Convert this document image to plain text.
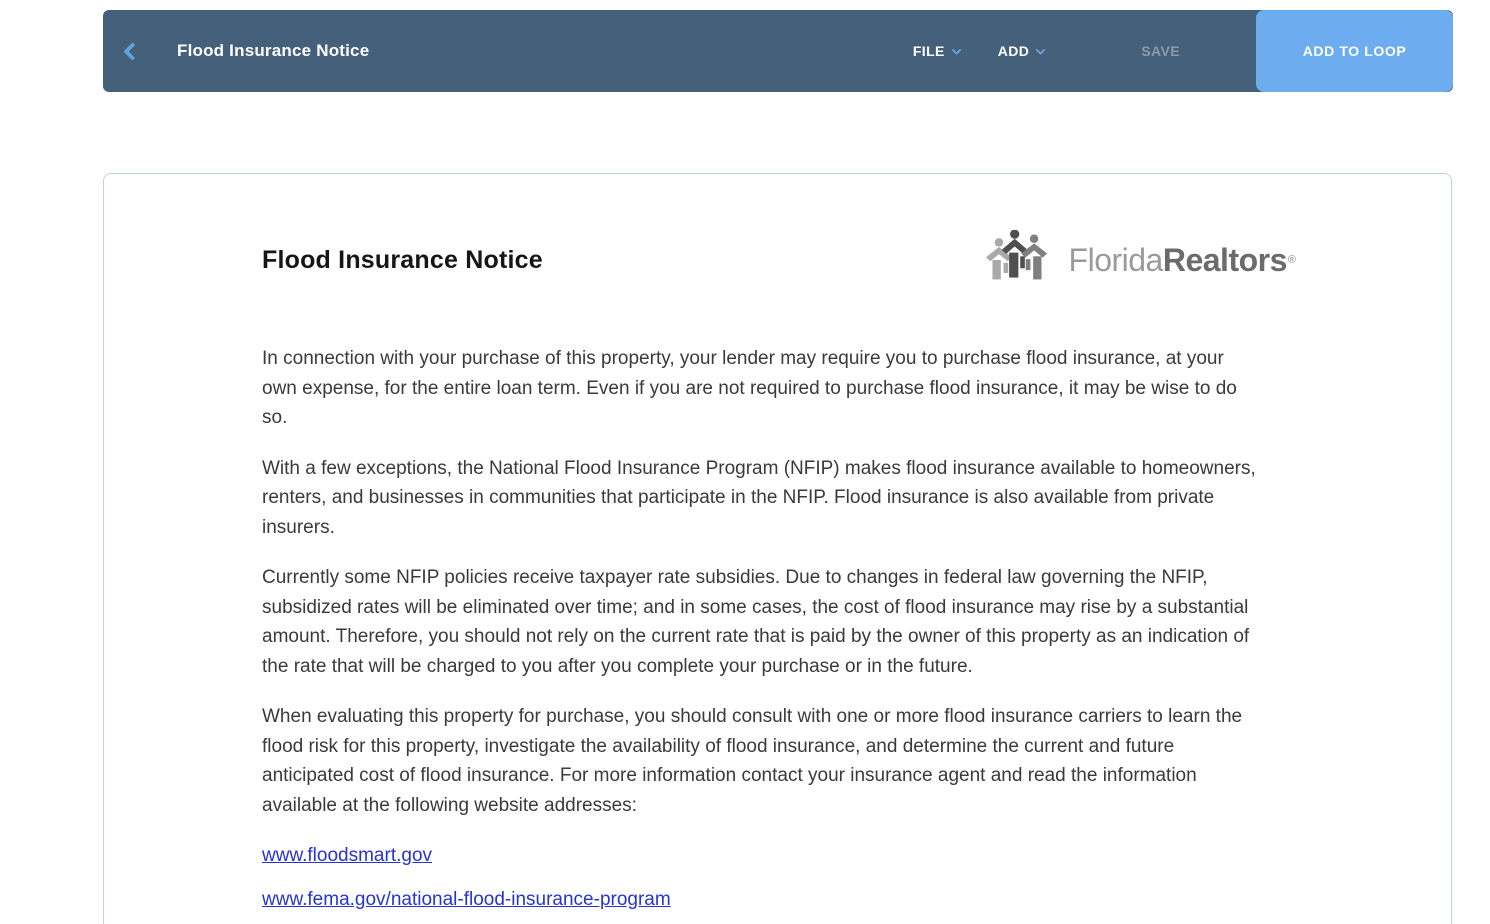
Flood Insurance Notice	FILE	ADD	SAVE	ADD TO LOOP
Flood Insurance Notice	Florida Realtors ®

In connection with your purchase of this property, your lender may require you to purchase flood insurance, at your own expense, for the entire loan term. Even if you are not required to purchase flood insurance, it may be wise to do so.

With a few exceptions, the National Flood Insurance Program (NFIP) makes flood insurance available to homeowners, renters, and businesses in communities that participate in the NFIP. Flood insurance is also available from private insurers.

Currently some NFIP policies receive taxpayer rate subsidies. Due to changes in federal law governing the NFIP, subsidized rates will be eliminated over time; and in some cases, the cost of flood insurance may rise by a substantial amount. Therefore, you should not rely on the current rate that is paid by the owner of this property as an indication of the rate that will be charged to you after you complete your purchase or in the future.

When evaluating this property for purchase, you should consult with one or more flood insurance carriers to learn the flood risk for this property, investigate the availability of flood insurance, and determine the current and future anticipated cost of flood insurance. For more information contact your insurance agent and read the information available at the following website addresses:

www.floodsmart.gov
www.fema.gov/national-flood-insurance-program
